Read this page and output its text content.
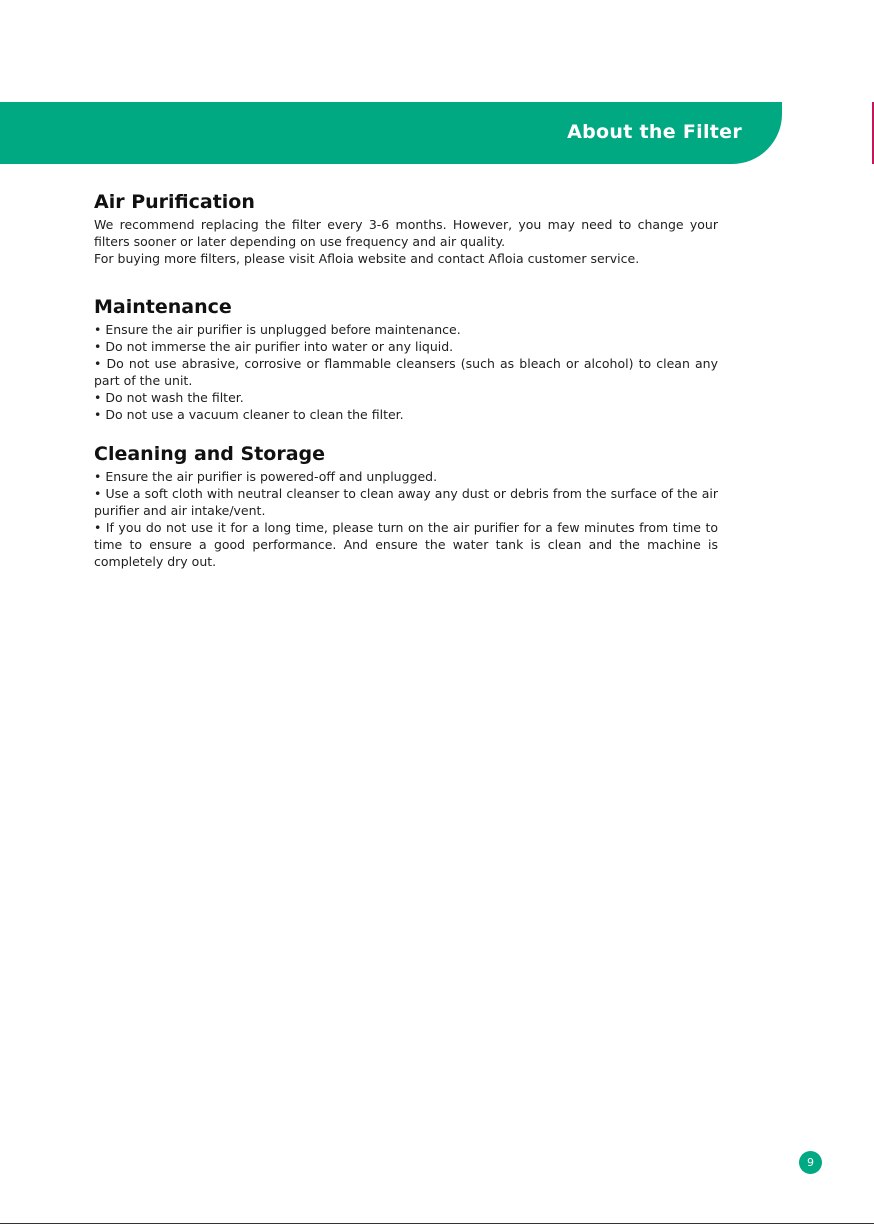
About the Filter
Air Purification

We recommend replacing the filter every 3-6 months. However, you may need to change your filters sooner or later depending on use frequency and air quality.

For buying more filters, please visit Afloia website and contact Afloia customer service.

Maintenance

• Ensure the air purifier is unplugged before maintenance.

• Do not immerse the air purifier into water or any liquid.

• Do not use abrasive, corrosive or flammable cleansers (such as bleach or alcohol) to clean any part of the unit.

• Do not wash the filter.

• Do not use a vacuum cleaner to clean the filter.

Cleaning and Storage

• Ensure the air purifier is powered-off and unplugged.

• Use a soft cloth with neutral cleanser to clean away any dust or debris from the surface of the air purifier and air intake/vent.

• If you do not use it for a long time, please turn on the air purifier for a few minutes from time to time to ensure a good performance. And ensure the water tank is clean and the machine is completely dry out.

9
